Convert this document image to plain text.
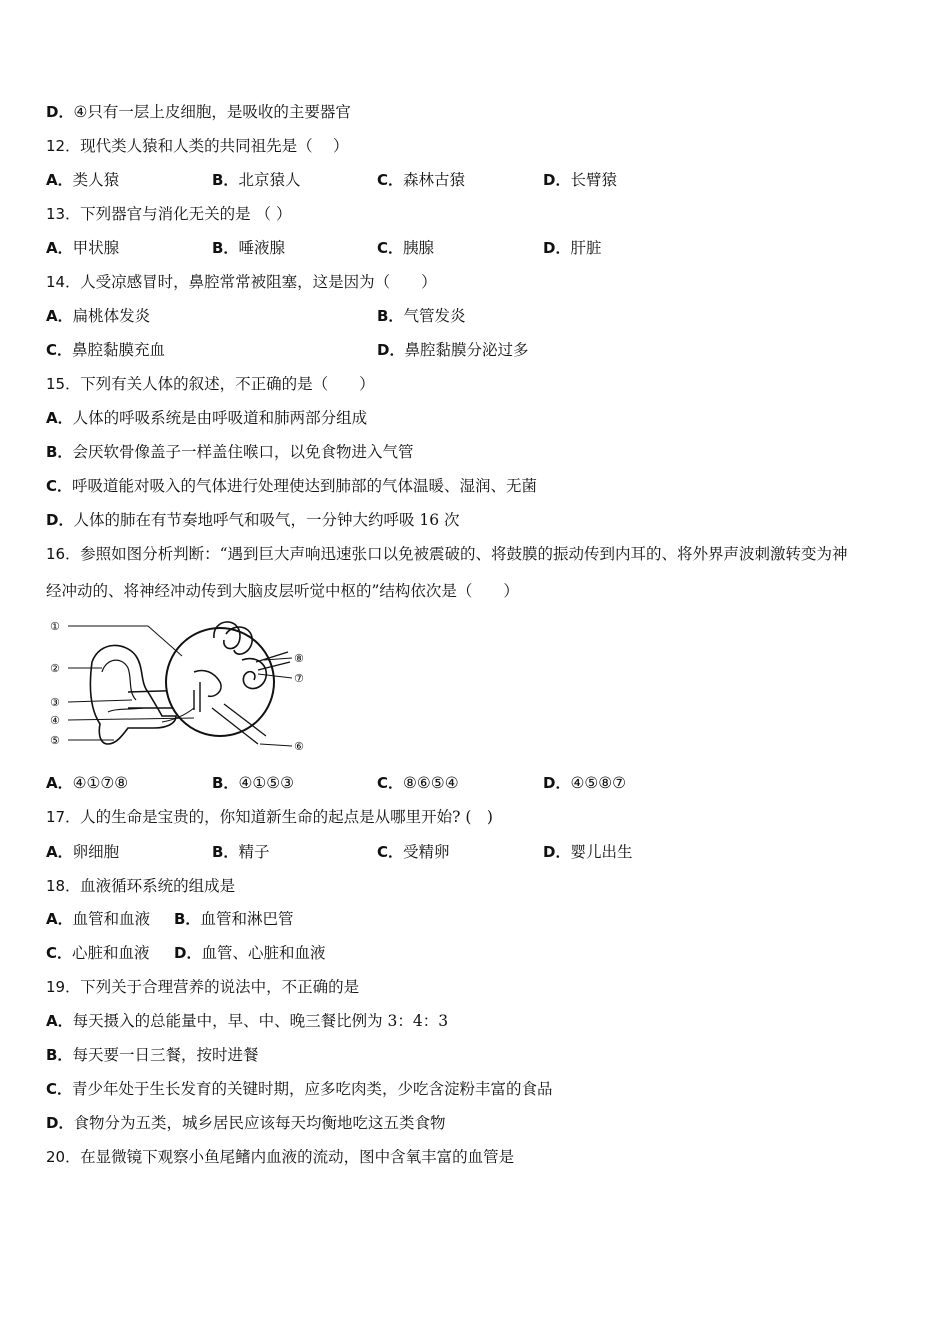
D．④只有一层上皮细胞，是吸收的主要器官
12．现代类人猿和人类的共同祖先是（　 ）
A．类人猿	B．北京猿人	C．森林古猿	D．长臂猿
13．下列器官与消化无关的是 （ ）
A．甲状腺	B．唾液腺	C．胰腺	D．肝脏
14．人受凉感冒时，鼻腔常常被阻塞，这是因为（　　）
A．扁桃体发炎	B．气管发炎
C．鼻腔黏膜充血	D．鼻腔黏膜分泌过多
15．下列有关人体的叙述，不正确的是（　　）
A．人体的呼吸系统是由呼吸道和肺两部分组成
B．会厌软骨像盖子一样盖住喉口，以免食物进入气管
C．呼吸道能对吸入的气体进行处理使达到肺部的气体温暖、湿润、无菌
D．人体的肺在有节奏地呼气和吸气，一分钟大约呼吸 16 次
16．参照如图分析判断：“遇到巨大声响迅速张口以免被震破的、将鼓膜的振动传到内耳的、将外界声波刺激转变为神
经冲动的、将神经冲动传到大脑皮层听觉中枢的”结构依次是（　　）
①
②
③
④
⑤	⑥
⑦
⑧
A．④①⑦⑧	B．④①⑤③	C．⑧⑥⑤④	D．④⑤⑧⑦
17．人的生命是宝贵的，你知道新生命的起点是从哪里开始? (　)
A．卵细胞	B．精子	C．受精卵	D．婴儿出生
18．血液循环系统的组成是
A．血管和血液 B．血管和淋巴管
C．心脏和血液 D．血管、心脏和血液
19．下列关于合理营养的说法中，不正确的是
A．每天摄入的总能量中，早、中、晚三餐比例为 3：4：3
B．每天要一日三餐，按时进餐
C．青少年处于生长发育的关键时期，应多吃肉类，少吃含淀粉丰富的食品
D．食物分为五类，城乡居民应该每天均衡地吃这五类食物
20．在显微镜下观察小鱼尾鳍内血液的流动，图中含氧丰富的血管是
